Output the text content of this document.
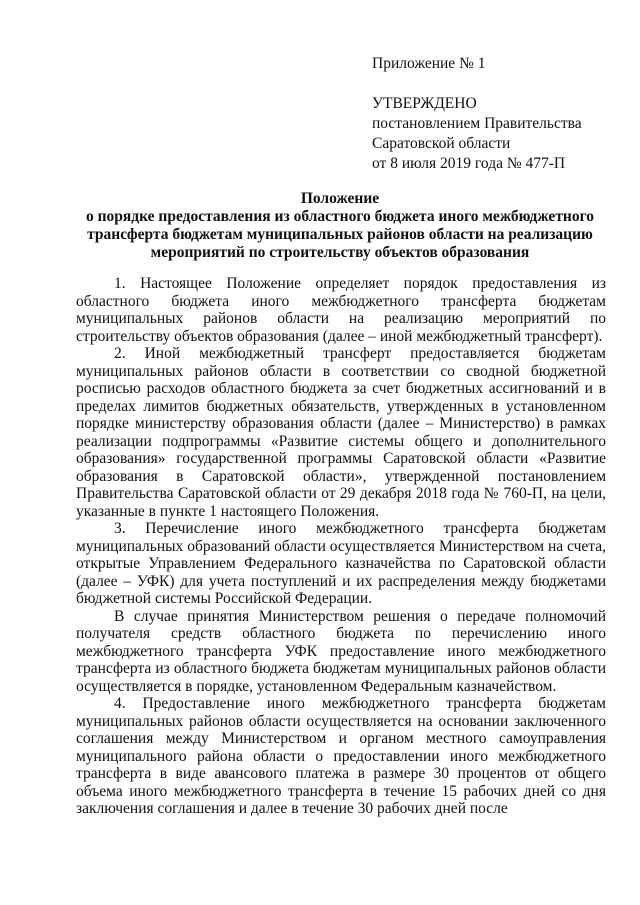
Приложение № 1
УТВЕРЖДЕНО
постановлением Правительства
Саратовской области
от 8 июля 2019 года № 477-П
Положение
о порядке предоставления из областного бюджета иного межбюджетного
трансферта бюджетам муниципальных районов области на реализацию
мероприятий по строительству объектов образования

1. Настоящее Положение определяет порядок предоставления из областного бюджета иного межбюджетного трансферта бюджетам муниципальных районов области на реализацию мероприятий по строительству объектов образования (далее – иной межбюджетный трансферт).

2. Иной межбюджетный трансферт предоставляется бюджетам муниципальных районов области в соответствии со сводной бюджетной росписью расходов областного бюджета за счет бюджетных ассигнований и в пределах лимитов бюджетных обязательств, утвержденных в установленном порядке министерству образования области (далее – Министерство) в рамках реализации подпрограммы «Развитие системы общего и дополнительного образования» государственной программы Саратовской области «Развитие образования в Саратовской области», утвержденной постановлением Правительства Саратовской области от 29 декабря 2018 года № 760-П, на цели, указанные в пункте 1 настоящего Положения.

3. Перечисление иного межбюджетного трансферта бюджетам муниципальных образований области осуществляется Министерством на счета, открытые Управлением Федерального казначейства по Саратовской области (далее – УФК) для учета поступлений и их распределения между бюджетами бюджетной системы Российской Федерации.

В случае принятия Министерством решения о передаче полномочий получателя средств областного бюджета по перечислению иного межбюджетного трансферта УФК предоставление иного межбюджетного трансферта из областного бюджета бюджетам муниципальных районов области осуществляется в порядке, установленном Федеральным казначейством.

4. Предоставление иного межбюджетного трансферта бюджетам муниципальных районов области осуществляется на основании заключенного соглашения между Министерством и органом местного самоуправления муниципального района области о предоставлении иного межбюджетного трансферта в виде авансового платежа в размере 30 процентов от общего объема иного межбюджетного трансферта в течение 15 рабочих дней со дня заключения соглашения и далее в течение 30 рабочих дней после
